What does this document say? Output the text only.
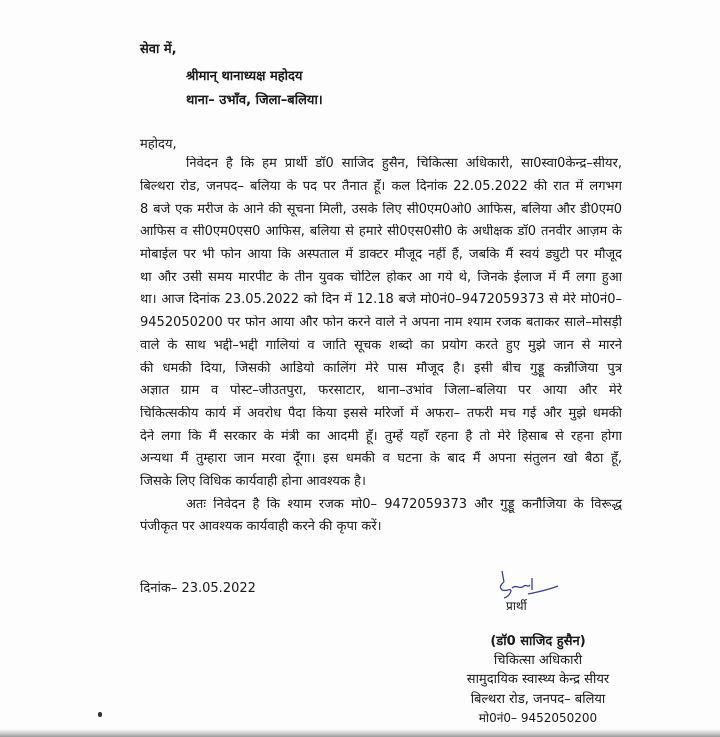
सेवा में,
श्रीमान् थानाध्यक्ष महोदय
थाना– उभाँव, जिला–बलिया।
महोदय,
निवेदन है कि हम प्रार्थी डॉ0 साजिद हुसैन, चिकित्सा अधिकारी, सा0स्वा0केन्द्र–सीयर,
बिल्थरा रोड, जनपद– बलिया के पद पर तैनात हूँ। कल दिनांक 22.05.2022 की रात में लगभग
8 बजे एक मरीज के आने की सूचना मिली, उसके लिए सी0एम0ओ0 आफिस, बलिया और डी0एम0
आफिस व सी0एम0एस0 आफिस, बलिया से हमारे सी0एस0सी0 के अधीक्षक डॉ0 तनवीर आज़म के
मोबाईल पर भी फोन आया कि अस्पताल में डाक्टर मौजूद नहीं हैं, जबकि मैं स्वयं ड्युटी पर मौजूद
था और उसी समय मारपीट के तीन युवक चोटिल होकर आ गये थे, जिनके ईलाज में मैं लगा हुआ
था। आज दिनांक 23.05.2022 को दिन में 12.18 बजे मो0नं0–9472059373 से मेरे मो0नं0–
9452050200 पर फोन आया और फोन करने वाले ने अपना नाम श्याम रजक बताकर साले–मोसड़ी
वाले के साथ भद्दी–भद्दी गालियां व जाति सूचक शब्दो का प्रयोग करते हुए मुझे जान से मारने
की धमकी दिया, जिसकी आडियो कालिंग मेरे पास मौजूद है। इसी बीच गुड्डू कन्नौजिया पुत्र
अज्ञात ग्राम व पोस्ट–जीउतपुरा, फरसाटार, थाना–उभांव जिला–बलिया पर आया और मेरे
चिकित्सकीय कार्य में अवरोध पैदा किया इससे मरिजों में अफरा– तफरी मच गई और मुझे धमकी
देने लगा कि मैं सरकार के मंत्री का आदमी हूँ। तुम्हें यहाँ रहना है तो मेरे हिसाब से रहना होगा
अन्यथा मैं तुम्हारा जान मरवा दूँगा। इस धमकी व घटना के बाद मैं अपना संतुलन खो बैठा हूँ,
जिसके लिए विधिक कार्यवाही होना आवश्यक है।
अतः निवेदन है कि श्याम रजक मो0– 9472059373 और गुड्डू कनौजिया के विरूद्ध
पंजीकृत पर आवश्यक कार्यवाही करने की कृपा करें।
दिनांक– 23.05.2022
प्रार्थी
(डॉ0 साजिद हुसैन)
चिकित्सा अधिकारी
सामुदायिक स्वास्थ्य केन्द्र सीयर
बिल्थरा रोड, जनपद– बलिया
मो0नं0– 9452050200
